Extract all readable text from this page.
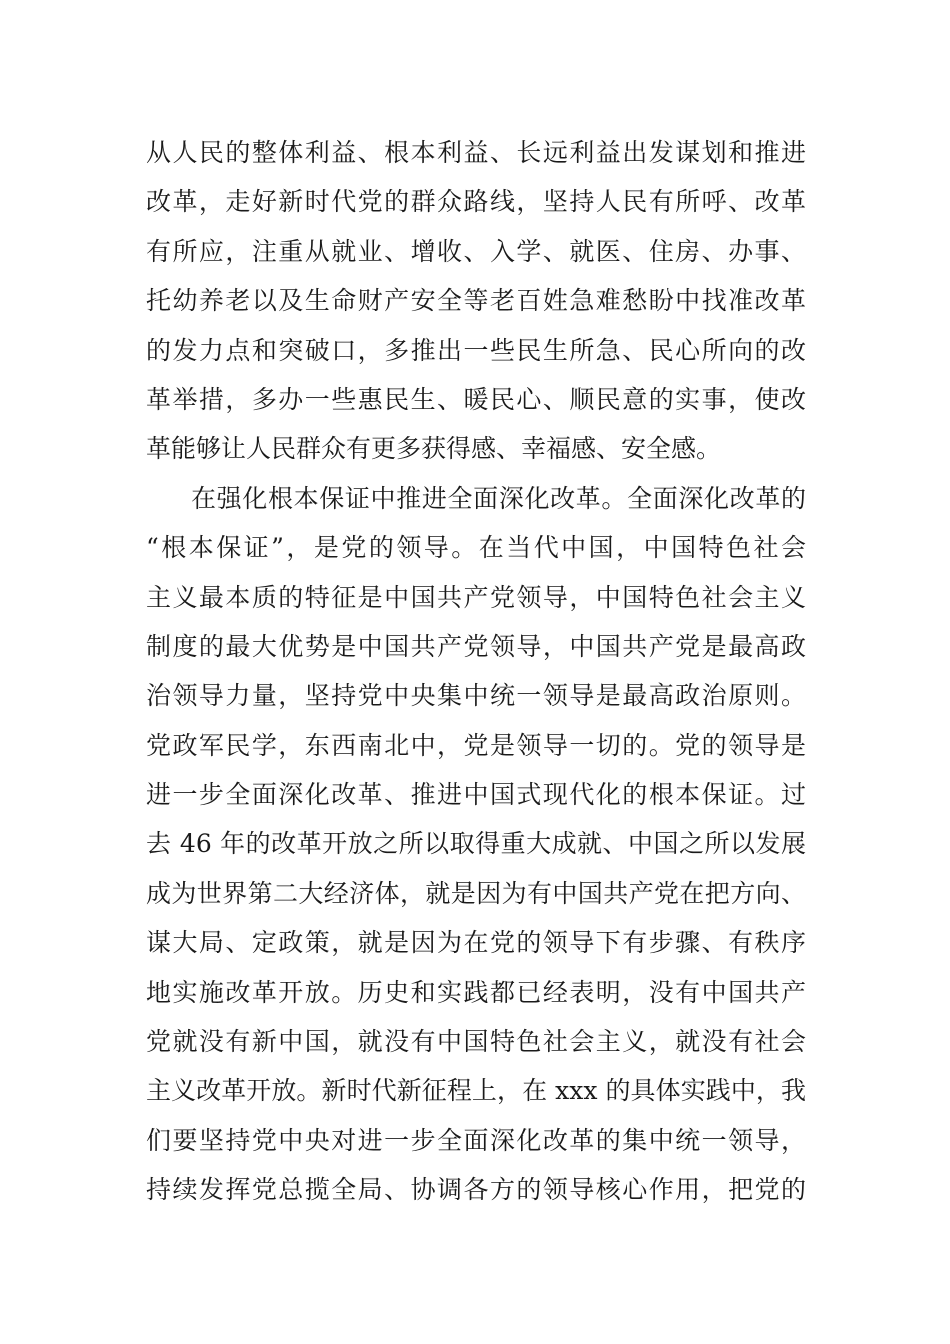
从人民的整体利益、根本利益、长远利益出发谋划和推进
改革，走好新时代党的群众路线，坚持人民有所呼、改革
有所应，注重从就业、增收、入学、就医、住房、办事、
托幼养老以及生命财产安全等老百姓急难愁盼中找准改革
的发力点和突破口，多推出一些民生所急、民心所向的改
革举措，多办一些惠民生、暖民心、顺民意的实事，使改
革能够让人民群众有更多获得感、幸福感、安全感。
在强化根本保证中推进全面深化改革。全面深化改革的
“根本保证”，是党的领导。在当代中国，中国特色社会
主义最本质的特征是中国共产党领导，中国特色社会主义
制度的最大优势是中国共产党领导，中国共产党是最高政
治领导力量，坚持党中央集中统一领导是最高政治原则。
党政军民学，东西南北中，党是领导一切的。党的领导是
进一步全面深化改革、推进中国式现代化的根本保证。过
去 46 年的改革开放之所以取得重大成就、中国之所以发展
成为世界第二大经济体，就是因为有中国共产党在把方向、
谋大局、定政策，就是因为在党的领导下有步骤、有秩序
地实施改革开放。历史和实践都已经表明，没有中国共产
党就没有新中国，就没有中国特色社会主义，就没有社会
主义改革开放。新时代新征程上，在 xxx 的具体实践中，我
们要坚持党中央对进一步全面深化改革的集中统一领导，
持续发挥党总揽全局、协调各方的领导核心作用，把党的
